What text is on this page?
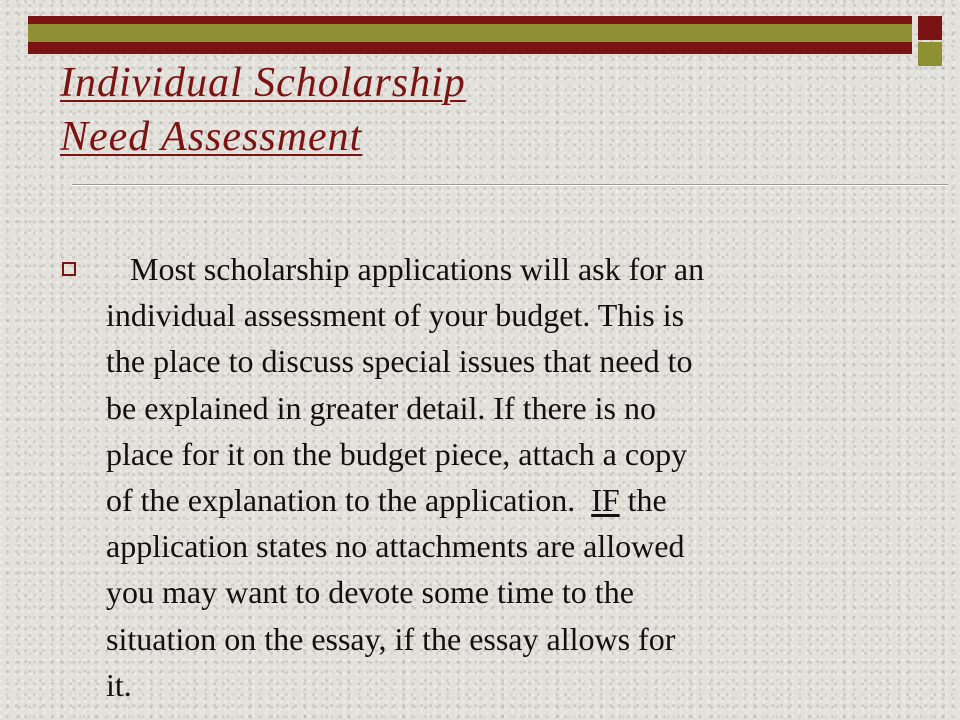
Individual Scholarship
Need Assessment

Most scholarship applications will ask for an
individual assessment of your budget. This is
the place to discuss special issues that need to
be explained in greater detail. If there is no
place for it on the budget piece, attach a copy
of the explanation to the application.  IF the
application states no attachments are allowed
you may want to devote some time to the
situation on the essay, if the essay allows for
it.
